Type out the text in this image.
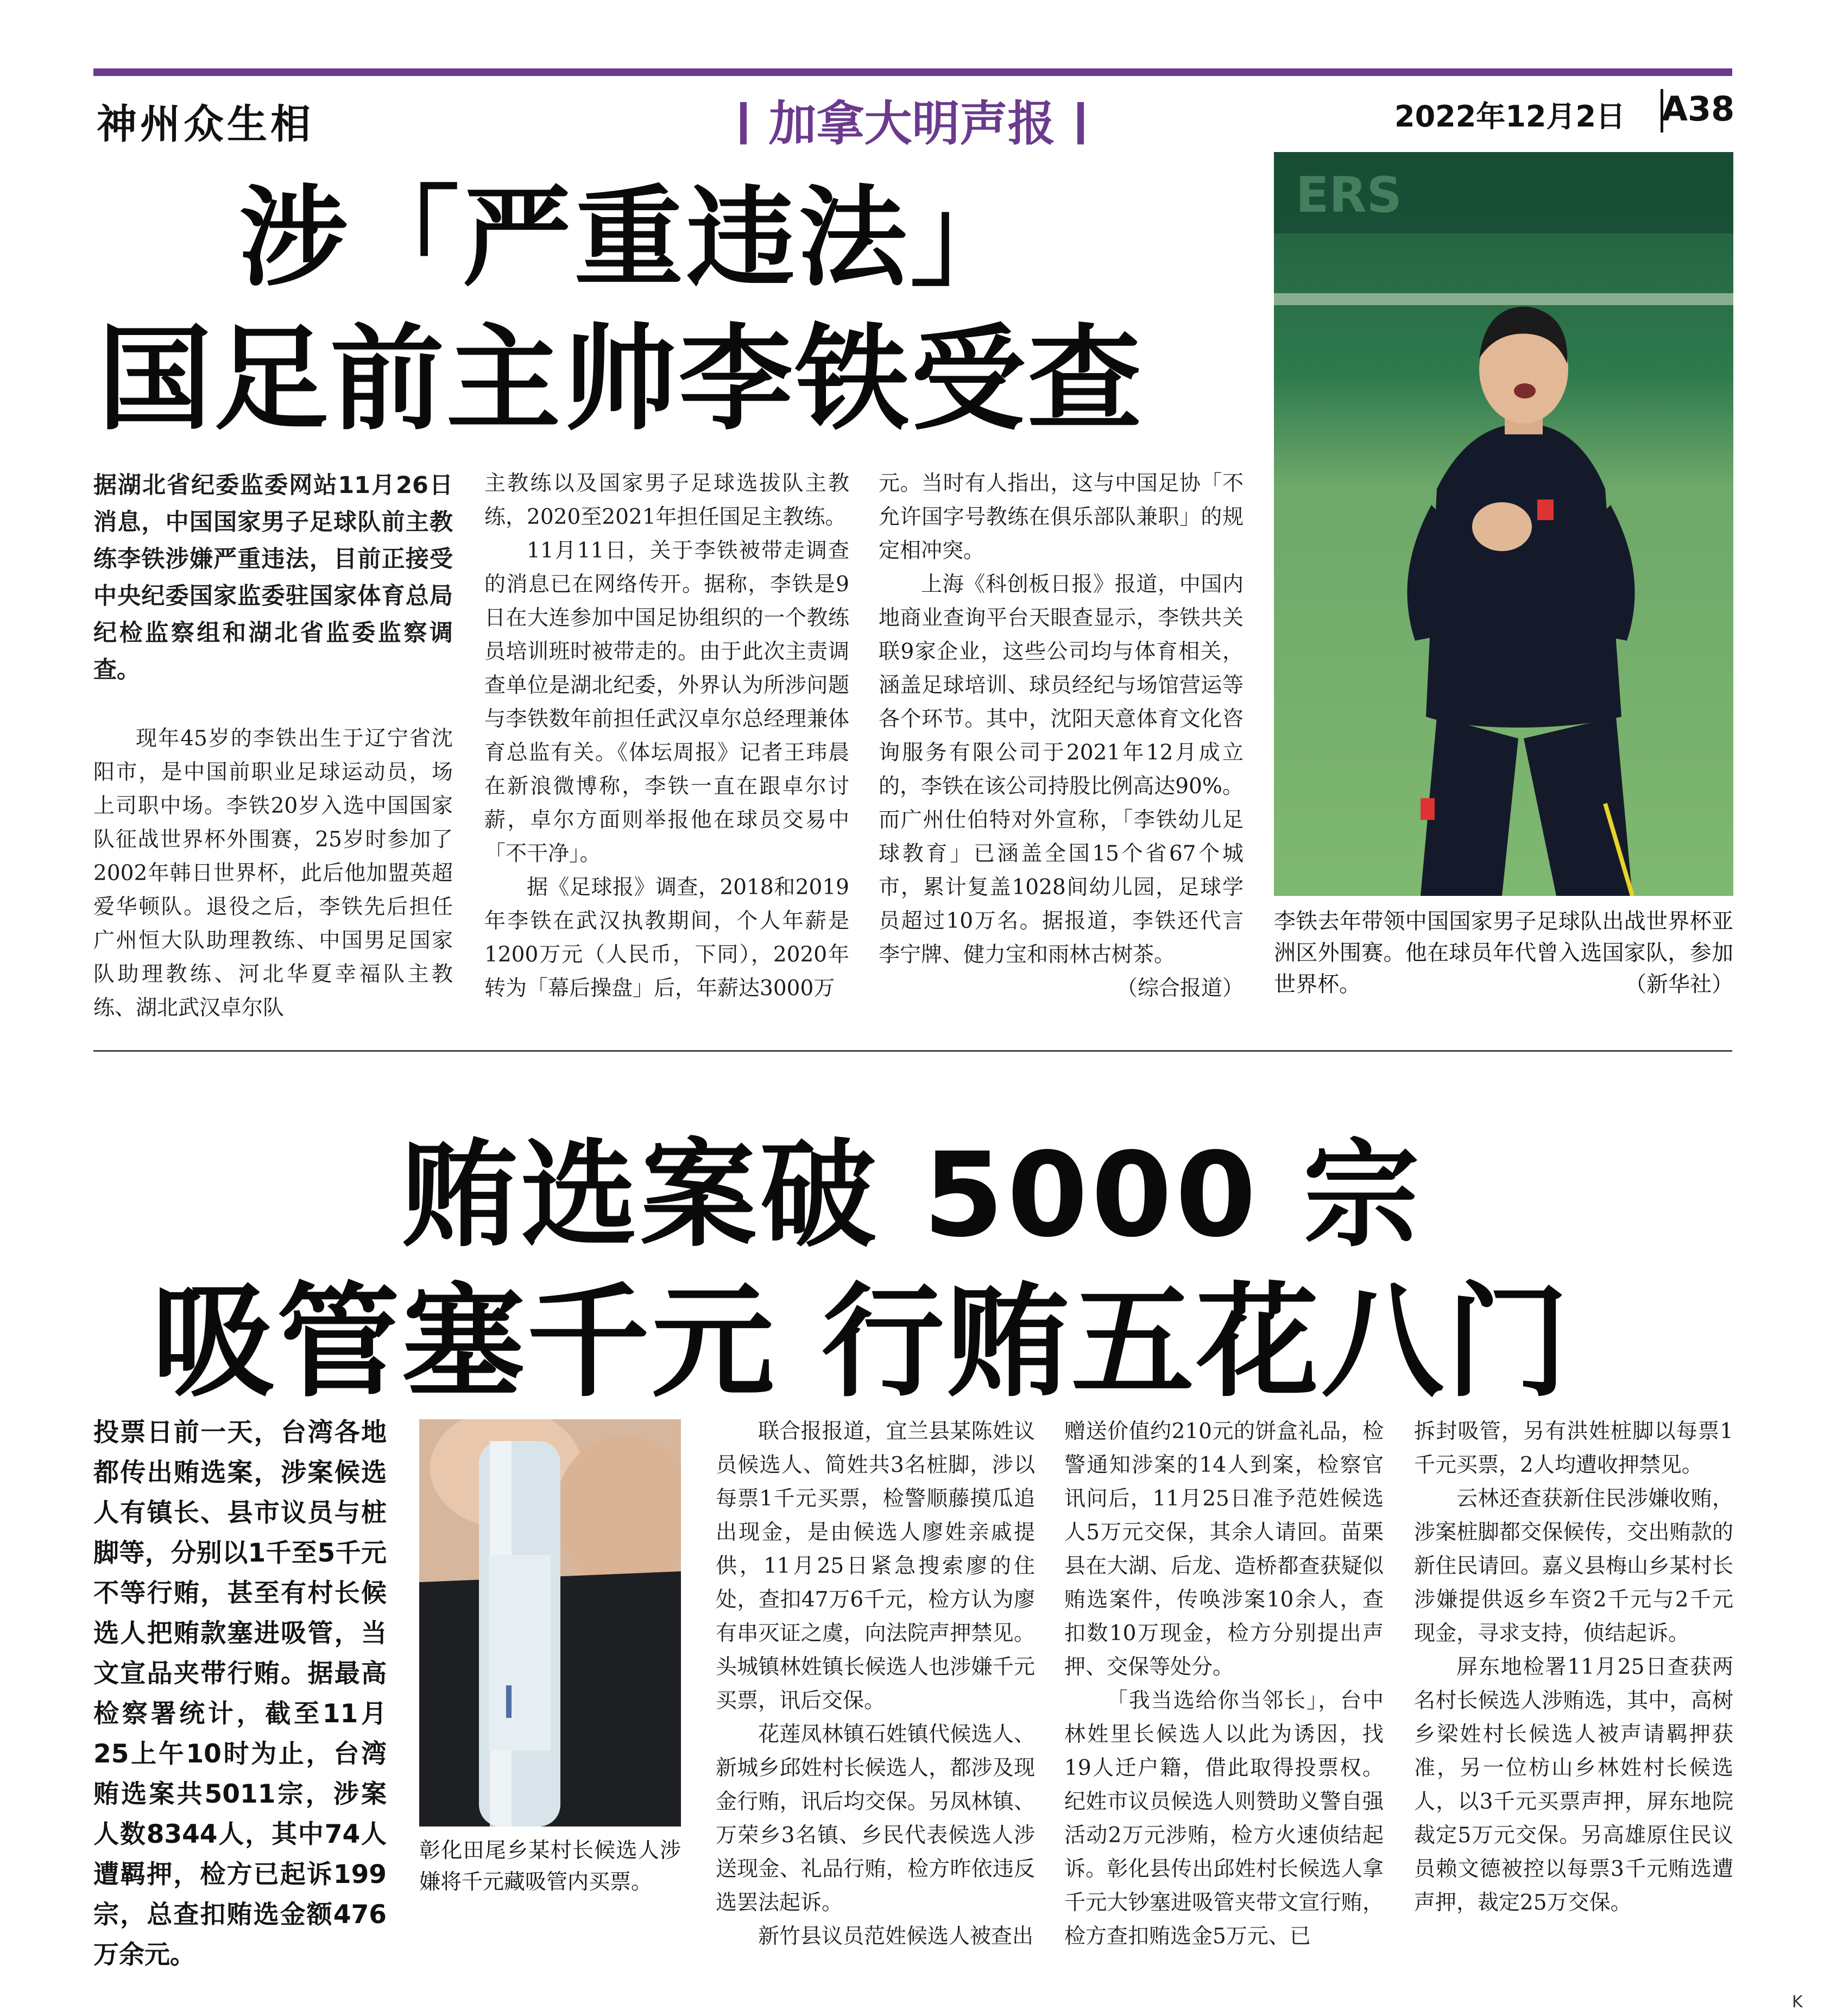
神州众生相	加拿大明声报	2022年12月2日 A38
涉「严重违法」
国足前主帅李铁受查
据湖北省纪委监委网站11月26日消息，中国国家男子足球队前主教练李铁涉嫌严重违法，目前正接受中央纪委国家监委驻国家体育总局纪检监察组和湖北省监委监察调查。

现年45岁的李铁出生于辽宁省沈阳市，是中国前职业足球运动员，场上司职中场。李铁20岁入选中国国家队征战世界杯外围赛，25岁时参加了2002年韩日世界杯，此后他加盟英超爱华顿队。退役之后，李铁先后担任广州恒大队助理教练、中国男足国家队助理教练、河北华夏幸福队主教练、湖北武汉卓尔队

主教练以及国家男子足球选拔队主教练，2020至2021年担任国足主教练。

11月11日，关于李铁被带走调查的消息已在网络传开。据称，李铁是9日在大连参加中国足协组织的一个教练员培训班时被带走的。由于此次主责调查单位是湖北纪委，外界认为所涉问题与李铁数年前担任武汉卓尔总经理兼体育总监有关。《体坛周报》记者王玮晨在新浪微博称，李铁一直在跟卓尔讨薪，卓尔方面则举报他在球员交易中「不干净」。

据《足球报》调查，2018和2019年李铁在武汉执教期间，个人年薪是1200万元（人民币，下同），2020年转为「幕后操盘」后，年薪达3000万

元。当时有人指出，这与中国足协「不允许国字号教练在俱乐部队兼职」的规定相冲突。

上海《科创板日报》报道，中国内地商业查询平台天眼查显示，李铁共关联9家企业，这些公司均与体育相关，涵盖足球培训、球员经纪与场馆营运等各个环节。其中，沈阳天意体育文化咨询服务有限公司于2021年12月成立的，李铁在该公司持股比例高达90%。而广州仕伯特对外宣称，「李铁幼儿足球教育」已涵盖全国15个省67个城市，累计复盖1028间幼儿园，足球学员超过10万名。据报道，李铁还代言李宁牌、健力宝和雨林古树茶。

（综合报道）
ERS
李铁去年带领中国国家男子足球队出战世界杯亚洲区外围赛。他在球员年代曾入选国家队，参加世界杯。	（新华社）
贿选案破 5000 宗
吸管塞千元 行贿五花八门
投票日前一天，台湾各地都传出贿选案，涉案候选人有镇长、县市议员与桩脚等，分别以1千至5千元不等行贿，甚至有村长候选人把贿款塞进吸管，当文宣品夹带行贿。据最高检察署统计，截至11月25上午10时为止，台湾贿选案共5011宗，涉案人数8344人，其中74人遭羁押，检方已起诉199宗，总查扣贿选金额476万余元。
彰化田尾乡某村长候选人涉嫌将千元藏吸管内买票。

联合报报道，宜兰县某陈姓议员候选人、简姓共3名桩脚，涉以每票1千元买票，检警顺藤摸瓜追出现金，是由候选人廖姓亲戚提供，11月25日紧急搜索廖的住处，查扣47万6千元，检方认为廖有串灭证之虞，向法院声押禁见。头城镇林姓镇长候选人也涉嫌千元买票，讯后交保。

花莲凤林镇石姓镇代候选人、新城乡邱姓村长候选人，都涉及现金行贿，讯后均交保。另凤林镇、万荣乡3名镇、乡民代表候选人涉送现金、礼品行贿，检方昨依违反选罢法起诉。

新竹县议员范姓候选人被查出

赠送价值约210元的饼盒礼品，检警通知涉案的14人到案，检察官讯问后，11月25日准予范姓候选人5万元交保，其余人请回。苗栗县在大湖、后龙、造桥都查获疑似贿选案件，传唤涉案10余人，查扣数10万现金，检方分别提出声押、交保等处分。

「我当选给你当邻长」，台中林姓里长候选人以此为诱因，找19人迁户籍，借此取得投票权。纪姓市议员候选人则赞助义警自强活动2万元涉贿，检方火速侦结起诉。彰化县传出邱姓村长候选人拿千元大钞塞进吸管夹带文宣行贿，检方查扣贿选金5万元、已

拆封吸管，另有洪姓桩脚以每票1千元买票，2人均遭收押禁见。

云林还查获新住民涉嫌收贿，涉案桩脚都交保候传，交出贿款的新住民请回。嘉义县梅山乡某村长涉嫌提供返乡车资2千元与2千元现金，寻求支持，侦结起诉。

屏东地检署11月25日查获两名村长候选人涉贿选，其中，高树乡梁姓村长候选人被声请羁押获准，另一位枋山乡林姓村长候选人，以3千元买票声押，屏东地院裁定5万元交保。另高雄原住民议员赖文德被控以每票3千元贿选遭声押，裁定25万交保。

K
